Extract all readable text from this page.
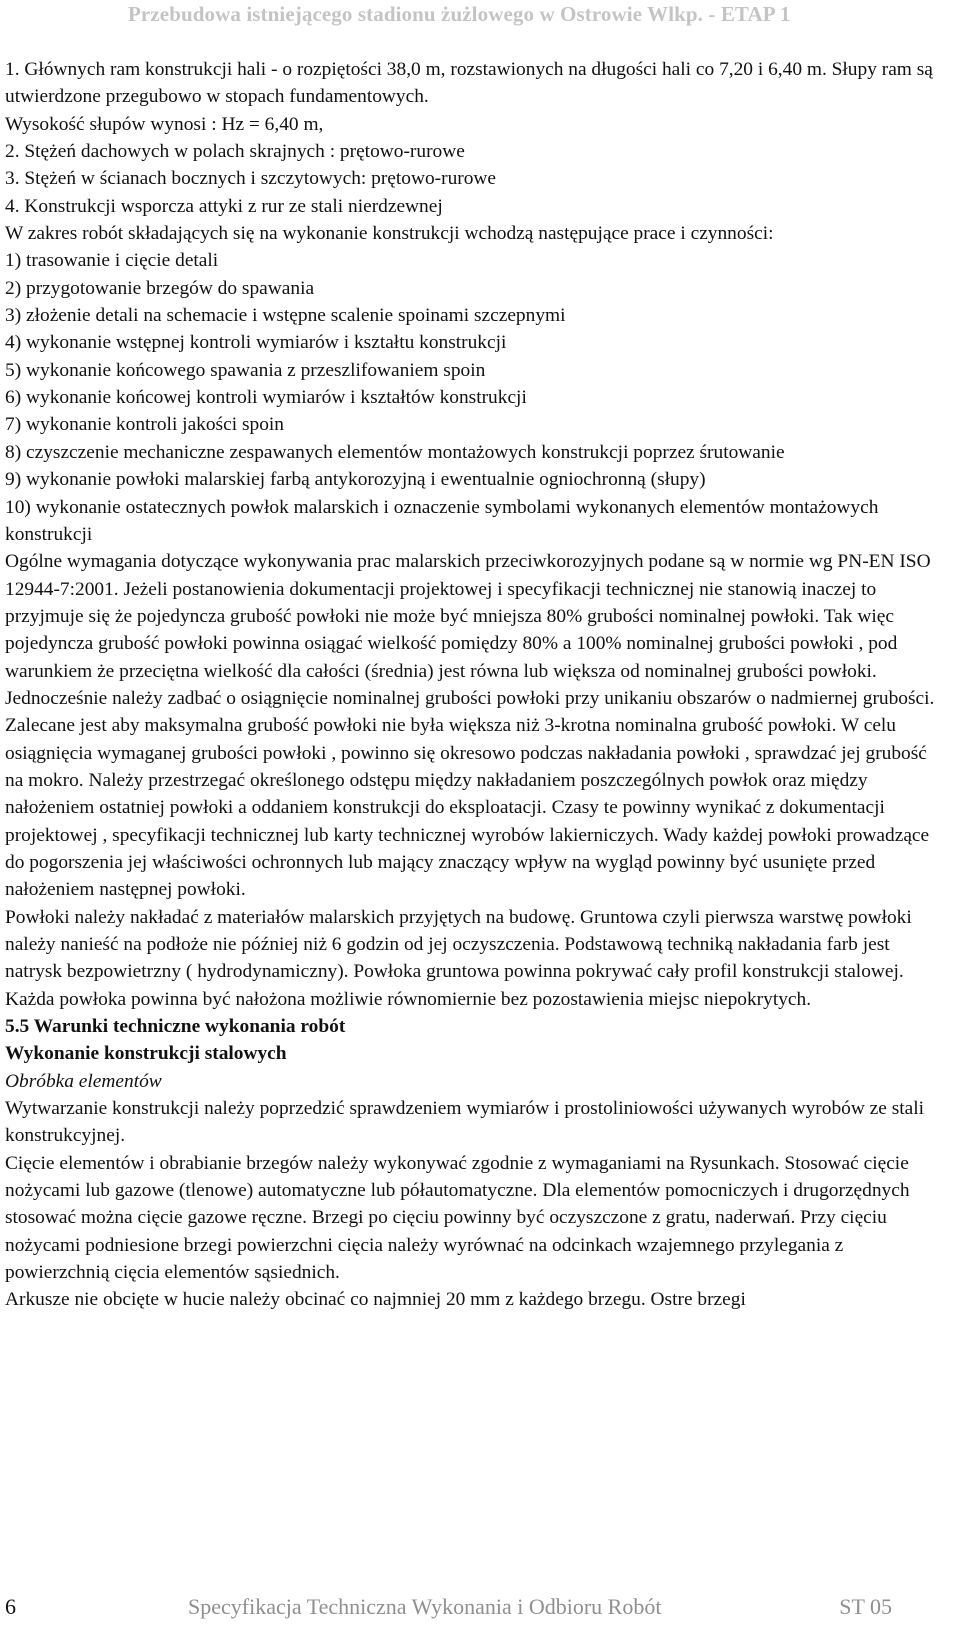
Przebudowa istniejącego stadionu żużlowego w Ostrowie Wlkp. - ETAP 1

1. Głównych ram konstrukcji hali - o rozpiętości 38,0 m, rozstawionych na długości hali co 7,20 i 6,40 m. Słupy ram są utwierdzone przegubowo w stopach fundamentowych.

Wysokość słupów wynosi : Hz = 6,40 m,

2. Stężeń dachowych w polach skrajnych : prętowo-rurowe

3. Stężeń w ścianach bocznych i szczytowych: prętowo-rurowe

4. Konstrukcji wsporcza attyki z rur ze stali nierdzewnej

W zakres robót składających się na wykonanie konstrukcji wchodzą następujące prace i czynności:

1) trasowanie i cięcie detali

2) przygotowanie brzegów do spawania

3) złożenie detali na schemacie i wstępne scalenie spoinami szczepnymi

4) wykonanie wstępnej kontroli wymiarów i kształtu konstrukcji

5) wykonanie końcowego spawania z przeszlifowaniem spoin

6) wykonanie końcowej kontroli wymiarów i kształtów konstrukcji

7) wykonanie kontroli jakości spoin

8) czyszczenie mechaniczne zespawanych elementów montażowych konstrukcji poprzez śrutowanie

9) wykonanie powłoki malarskiej farbą antykorozyjną i ewentualnie ogniochronną (słupy)

10) wykonanie ostatecznych powłok malarskich i oznaczenie symbolami wykonanych elementów montażowych konstrukcji

Ogólne wymagania dotyczące wykonywania prac malarskich przeciwkorozyjnych podane są w normie wg PN-EN ISO 12944-7:2001. Jeżeli postanowienia dokumentacji projektowej i specyfikacji technicznej nie stanowią inaczej to przyjmuje się że pojedyncza grubość powłoki nie może być mniejsza 80% grubości nominalnej powłoki. Tak więc pojedyncza grubość powłoki powinna osiągać wielkość pomiędzy 80% a 100% nominalnej grubości powłoki , pod warunkiem że przeciętna wielkość dla całości (średnia) jest równa lub większa od nominalnej grubości powłoki. Jednocześnie należy zadbać o osiągnięcie nominalnej grubości powłoki przy unikaniu obszarów o nadmiernej grubości. Zalecane jest aby maksymalna grubość powłoki nie była większa niż 3-krotna nominalna grubość powłoki. W celu osiągnięcia wymaganej grubości powłoki , powinno się okresowo podczas nakładania powłoki , sprawdzać jej grubość na mokro. Należy przestrzegać określonego odstępu między nakładaniem poszczególnych powłok oraz między nałożeniem ostatniej powłoki a oddaniem konstrukcji do eksploatacji. Czasy te powinny wynikać z dokumentacji projektowej , specyfikacji technicznej lub karty technicznej wyrobów lakierniczych. Wady każdej powłoki prowadzące do pogorszenia jej właściwości ochronnych lub mający znaczący wpływ na wygląd powinny być usunięte przed nałożeniem następnej powłoki.

Powłoki należy nakładać z materiałów malarskich przyjętych na budowę. Gruntowa czyli pierwsza warstwę powłoki należy nanieść na podłoże nie później niż 6 godzin od jej oczyszczenia. Podstawową techniką nakładania farb jest natrysk bezpowietrzny ( hydrodynamiczny). Powłoka gruntowa powinna pokrywać cały profil konstrukcji stalowej. Każda powłoka powinna być nałożona możliwie równomiernie bez pozostawienia miejsc niepokrytych.

5.5 Warunki techniczne wykonania robót

Wykonanie konstrukcji stalowych

Obróbka elementów

Wytwarzanie konstrukcji należy poprzedzić sprawdzeniem wymiarów i prostoliniowości używanych wyrobów ze stali konstrukcyjnej.

Cięcie elementów i obrabianie brzegów należy wykonywać zgodnie z wymaganiami na Rysunkach. Stosować cięcie nożycami lub gazowe (tlenowe) automatyczne lub półautomatyczne. Dla elementów pomocniczych i drugorzędnych stosować można cięcie gazowe ręczne. Brzegi po cięciu powinny być oczyszczone z gratu, naderwań. Przy cięciu nożycami podniesione brzegi powierzchni cięcia należy wyrównać na odcinkach wzajemnego przylegania z powierzchnią cięcia elementów sąsiednich.

Arkusze nie obcięte w hucie należy obcinać co najmniej 20 mm z każdego brzegu. Ostre brzegi

6	Specyfikacja Techniczna Wykonania i Odbioru Robót	ST 05
